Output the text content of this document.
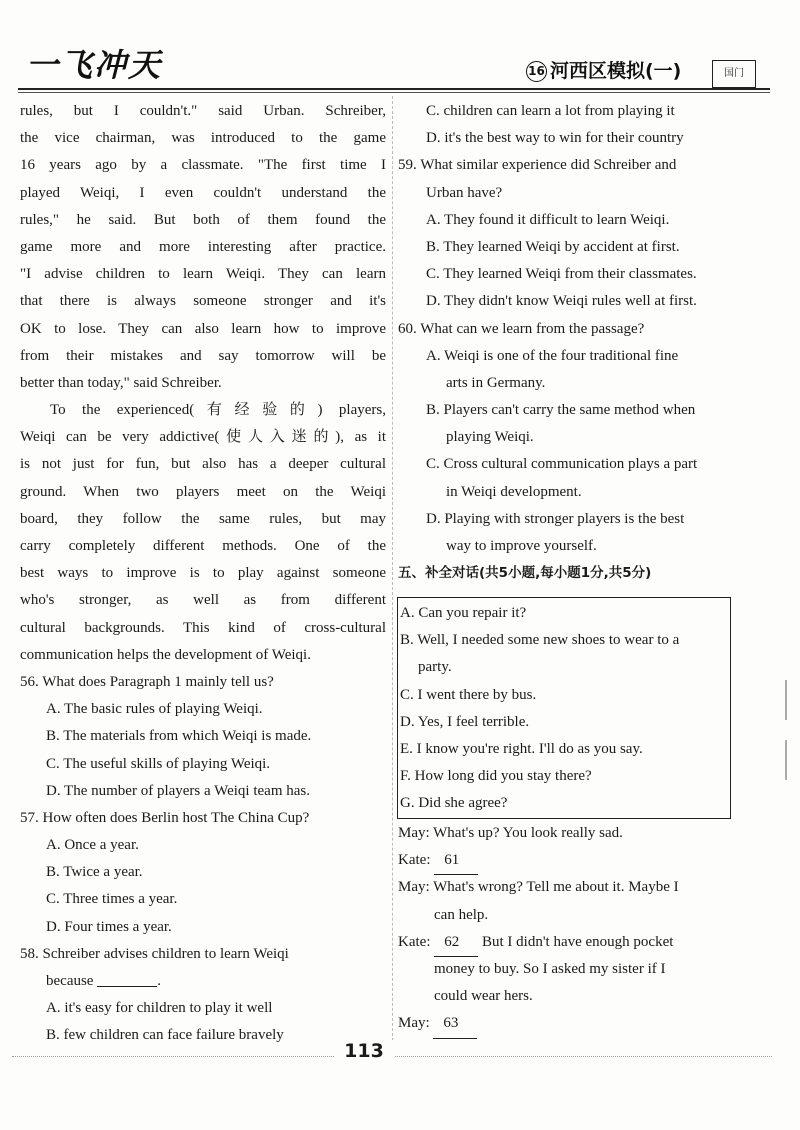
一飞冲天	16 河西区模拟(一)	国门
rules, but I couldn't." said Urban. Schreiber,
the vice chairman, was introduced to the game
16 years ago by a classmate. "The first time I
played Weiqi, I even couldn't understand the
rules," he said. But both of them found the
game more and more interesting after practice.
"I advise children to learn Weiqi. They can learn
that there is always someone stronger and it's
OK to lose. They can also learn how to improve
from their mistakes and say tomorrow will be
better than today," said Schreiber.
To the experienced(有经验的) players,
Weiqi can be very addictive(使人入迷的), as it
is not just for fun, but also has a deeper cultural
ground. When two players meet on the Weiqi
board, they follow the same rules, but may
carry completely different methods. One of the
best ways to improve is to play against someone
who's stronger, as well as from different
cultural backgrounds. This kind of cross-cultural
communication helps the development of Weiqi.
56. What does Paragraph 1 mainly tell us?
A. The basic rules of playing Weiqi.
B. The materials from which Weiqi is made.
C. The useful skills of playing Weiqi.
D. The number of players a Weiqi team has.
57. How often does Berlin host The China Cup?
A. Once a year.
B. Twice a year.
C. Three times a year.
D. Four times a year.
58. Schreiber advises children to learn Weiqi
because	.
A. it's easy for children to play it well
B. few children can face failure bravely
C. children can learn a lot from playing it
D. it's the best way to win for their country
59. What similar experience did Schreiber and
Urban have?
A. They found it difficult to learn Weiqi.
B. They learned Weiqi by accident at first.
C. They learned Weiqi from their classmates.
D. They didn't know Weiqi rules well at first.
60. What can we learn from the passage?
A. Weiqi is one of the four traditional fine
arts in Germany.
B. Players can't carry the same method when
playing Weiqi.
C. Cross cultural communication plays a part
in Weiqi development.
D. Playing with stronger players is the best
way to improve yourself.
五、补全对话(共5小题,每小题1分,共5分)
A. Can you repair it?
B. Well, I needed some new shoes to wear to a
party.
C. I went there by bus.
D. Yes, I feel terrible.
E. I know you're right. I'll do as you say.
F. How long did you stay there?
G. Did she agree?
May: What's up? You look really sad.
Kate: 61
May: What's wrong? Tell me about it. Maybe I
can help.
Kate: 62 But I didn't have enough pocket
money to buy. So I asked my sister if I
could wear hers.
May: 63
113
